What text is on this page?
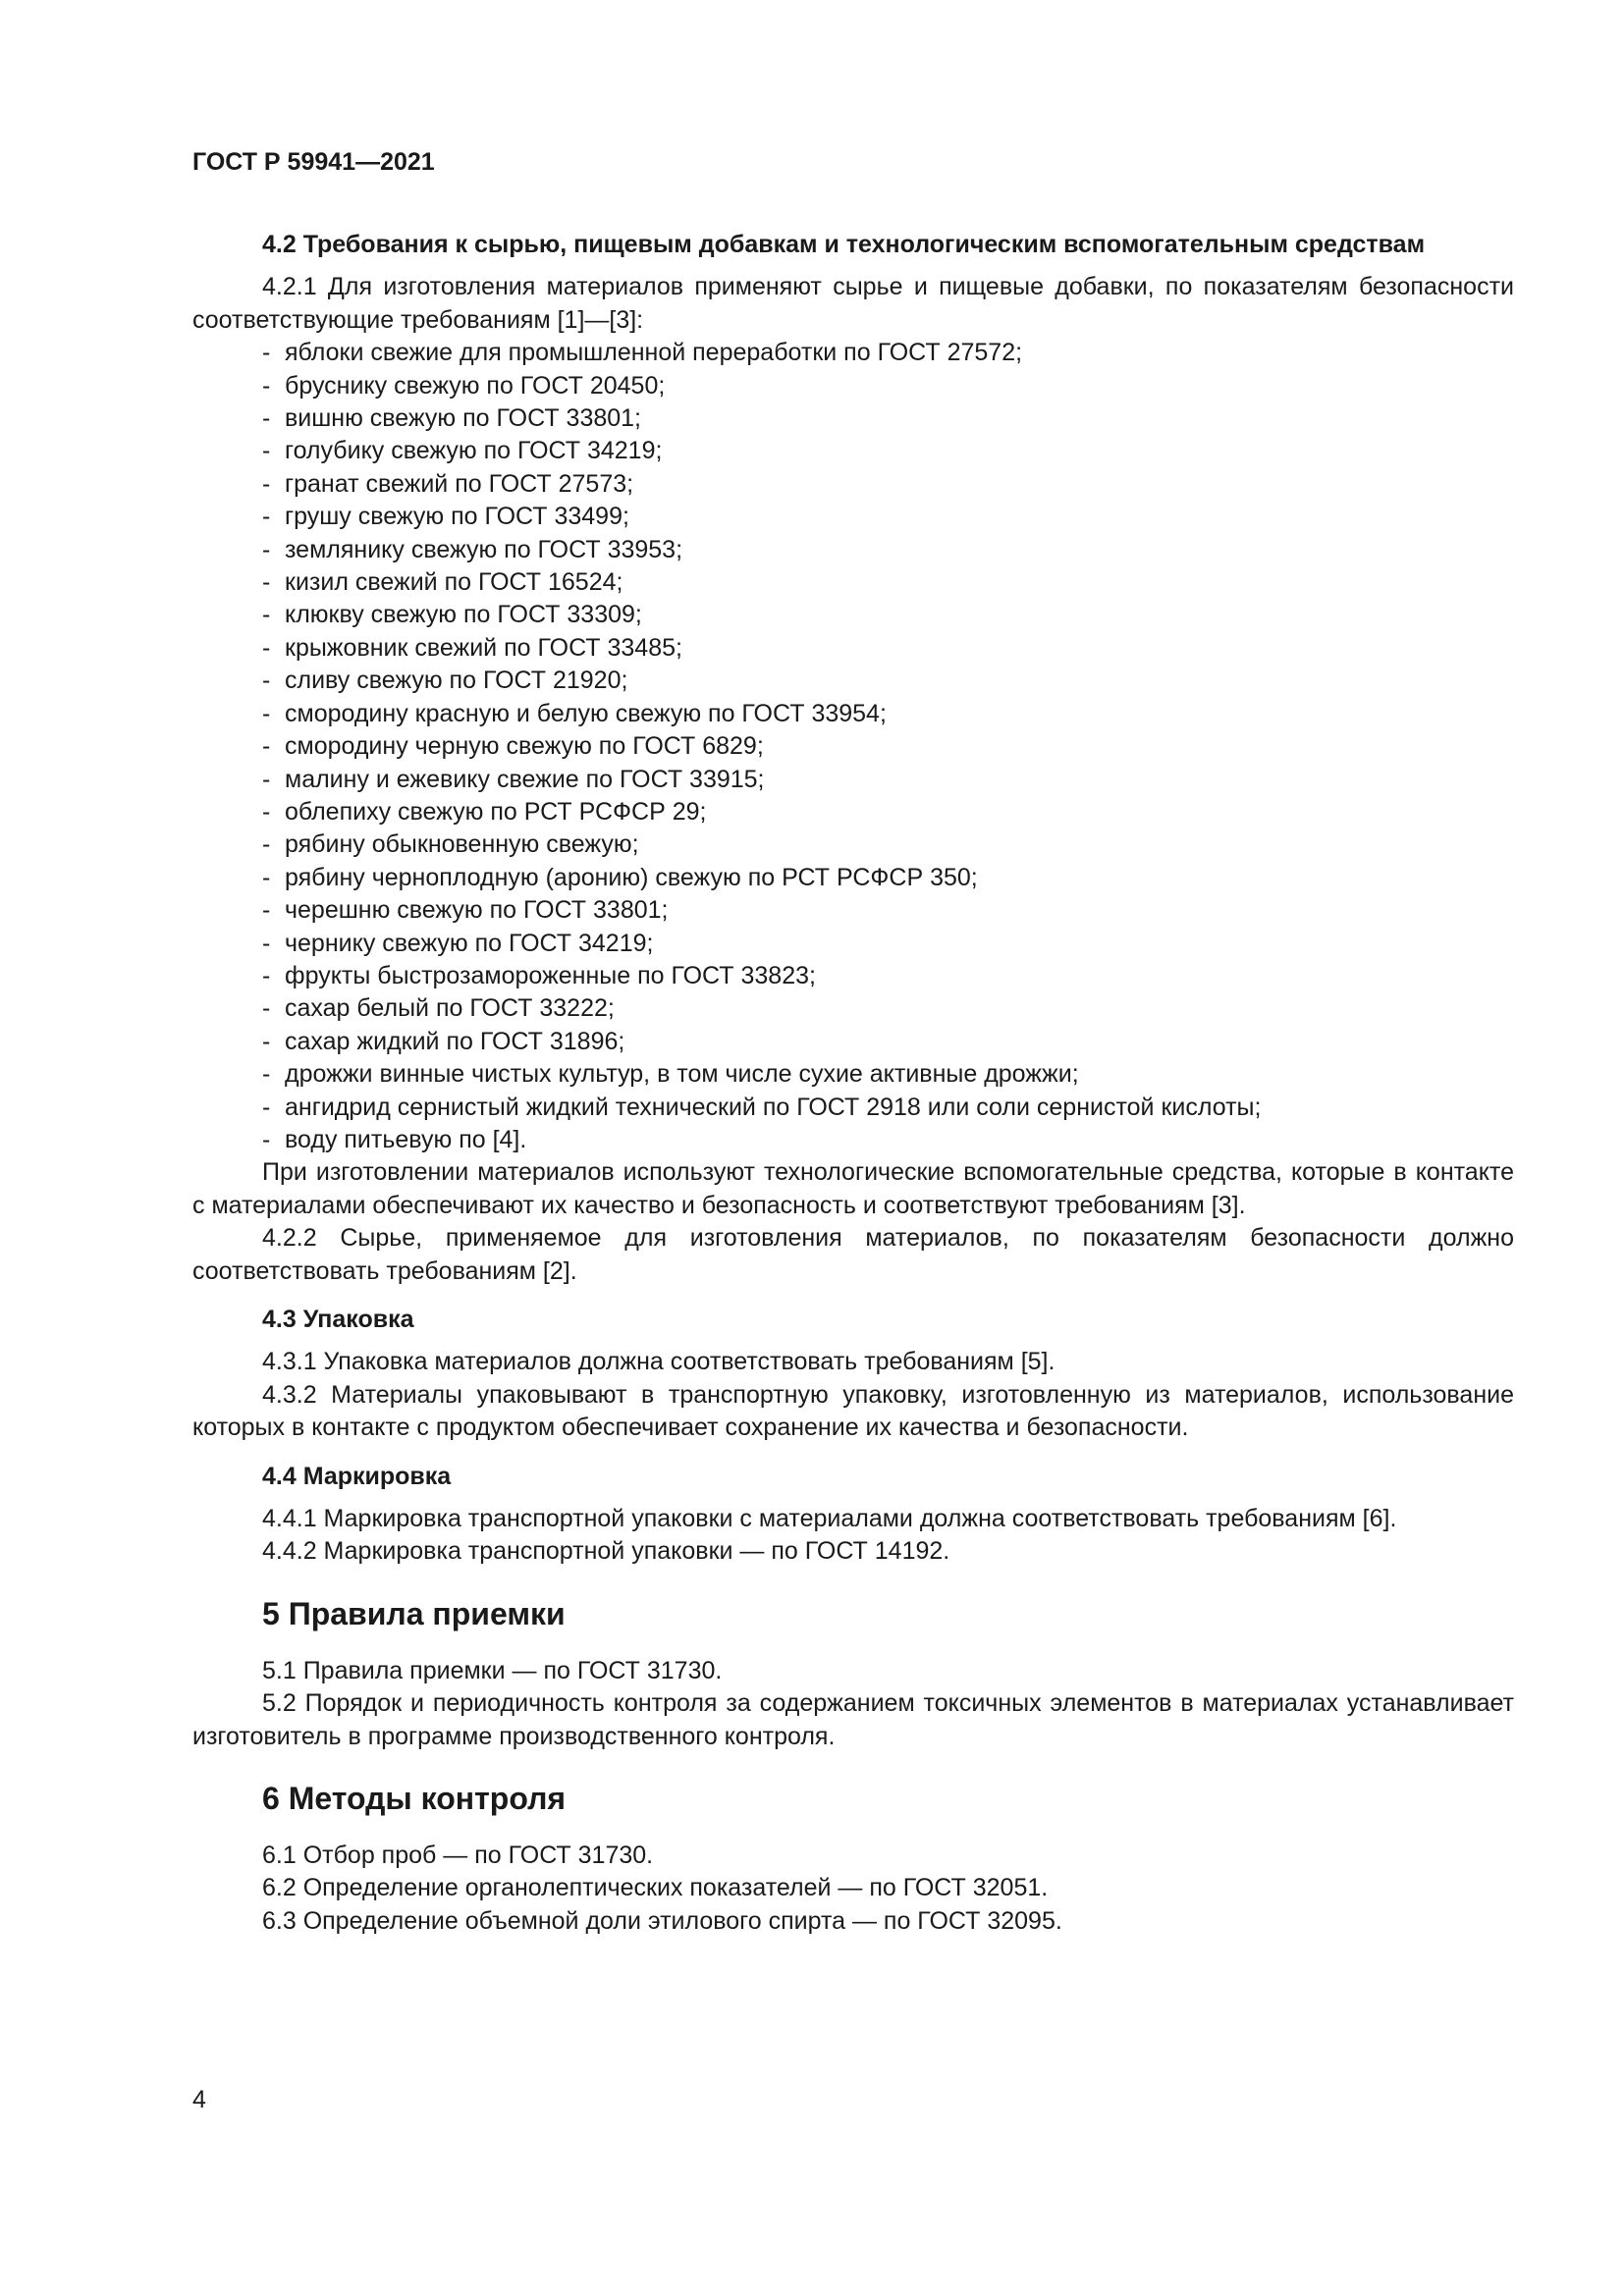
ГОСТ Р 59941—2021
4.2 Требования к сырью, пищевым добавкам и технологическим вспомогательным средствам

4.2.1 Для изготовления материалов применяют сырье и пищевые добавки, по показателям безопасности соответствующие требованиям [1]—[3]:

- яблоки свежие для промышленной переработки по ГОСТ 27572;
- бруснику свежую по ГОСТ 20450;
- вишню свежую по ГОСТ 33801;
- голубику свежую по ГОСТ 34219;
- гранат свежий по ГОСТ 27573;
- грушу свежую по ГОСТ 33499;
- землянику свежую по ГОСТ 33953;
- кизил свежий по ГОСТ 16524;
- клюкву свежую по ГОСТ 33309;
- крыжовник свежий по ГОСТ 33485;
- сливу свежую по ГОСТ 21920;
- смородину красную и белую свежую по ГОСТ 33954;
- смородину черную свежую по ГОСТ 6829;
- малину и ежевику свежие по ГОСТ 33915;
- облепиху свежую по РСТ РСФСР 29;
- рябину обыкновенную свежую;
- рябину черноплодную (аронию) свежую по РСТ РСФСР 350;
- черешню свежую по ГОСТ 33801;
- чернику свежую по ГОСТ 34219;
- фрукты быстрозамороженные по ГОСТ 33823;
- сахар белый по ГОСТ 33222;
- сахар жидкий по ГОСТ 31896;
- дрожжи винные чистых культур, в том числе сухие активные дрожжи;
- ангидрид сернистый жидкий технический по ГОСТ 2918 или соли сернистой кислоты;
- воду питьевую по [4].

При изготовлении материалов используют технологические вспомогательные средства, которые в контакте с материалами обеспечивают их качество и безопасность и соответствуют требованиям [3].

4.2.2 Сырье, применяемое для изготовления материалов, по показателям безопасности должно соответствовать требованиям [2].

4.3 Упаковка

4.3.1 Упаковка материалов должна соответствовать требованиям [5].

4.3.2 Материалы упаковывают в транспортную упаковку, изготовленную из материалов, использование которых в контакте с продуктом обеспечивает сохранение их качества и безопасности.

4.4 Маркировка

4.4.1 Маркировка транспортной упаковки с материалами должна соответствовать требованиям [6].

4.4.2 Маркировка транспортной упаковки — по ГОСТ 14192.

5 Правила приемки

5.1 Правила приемки — по ГОСТ 31730.

5.2 Порядок и периодичность контроля за содержанием токсичных элементов в материалах устанавливает изготовитель в программе производственного контроля.

6 Методы контроля

6.1 Отбор проб — по ГОСТ 31730.

6.2 Определение органолептических показателей — по ГОСТ 32051.

6.3 Определение объемной доли этилового спирта — по ГОСТ 32095.

4
